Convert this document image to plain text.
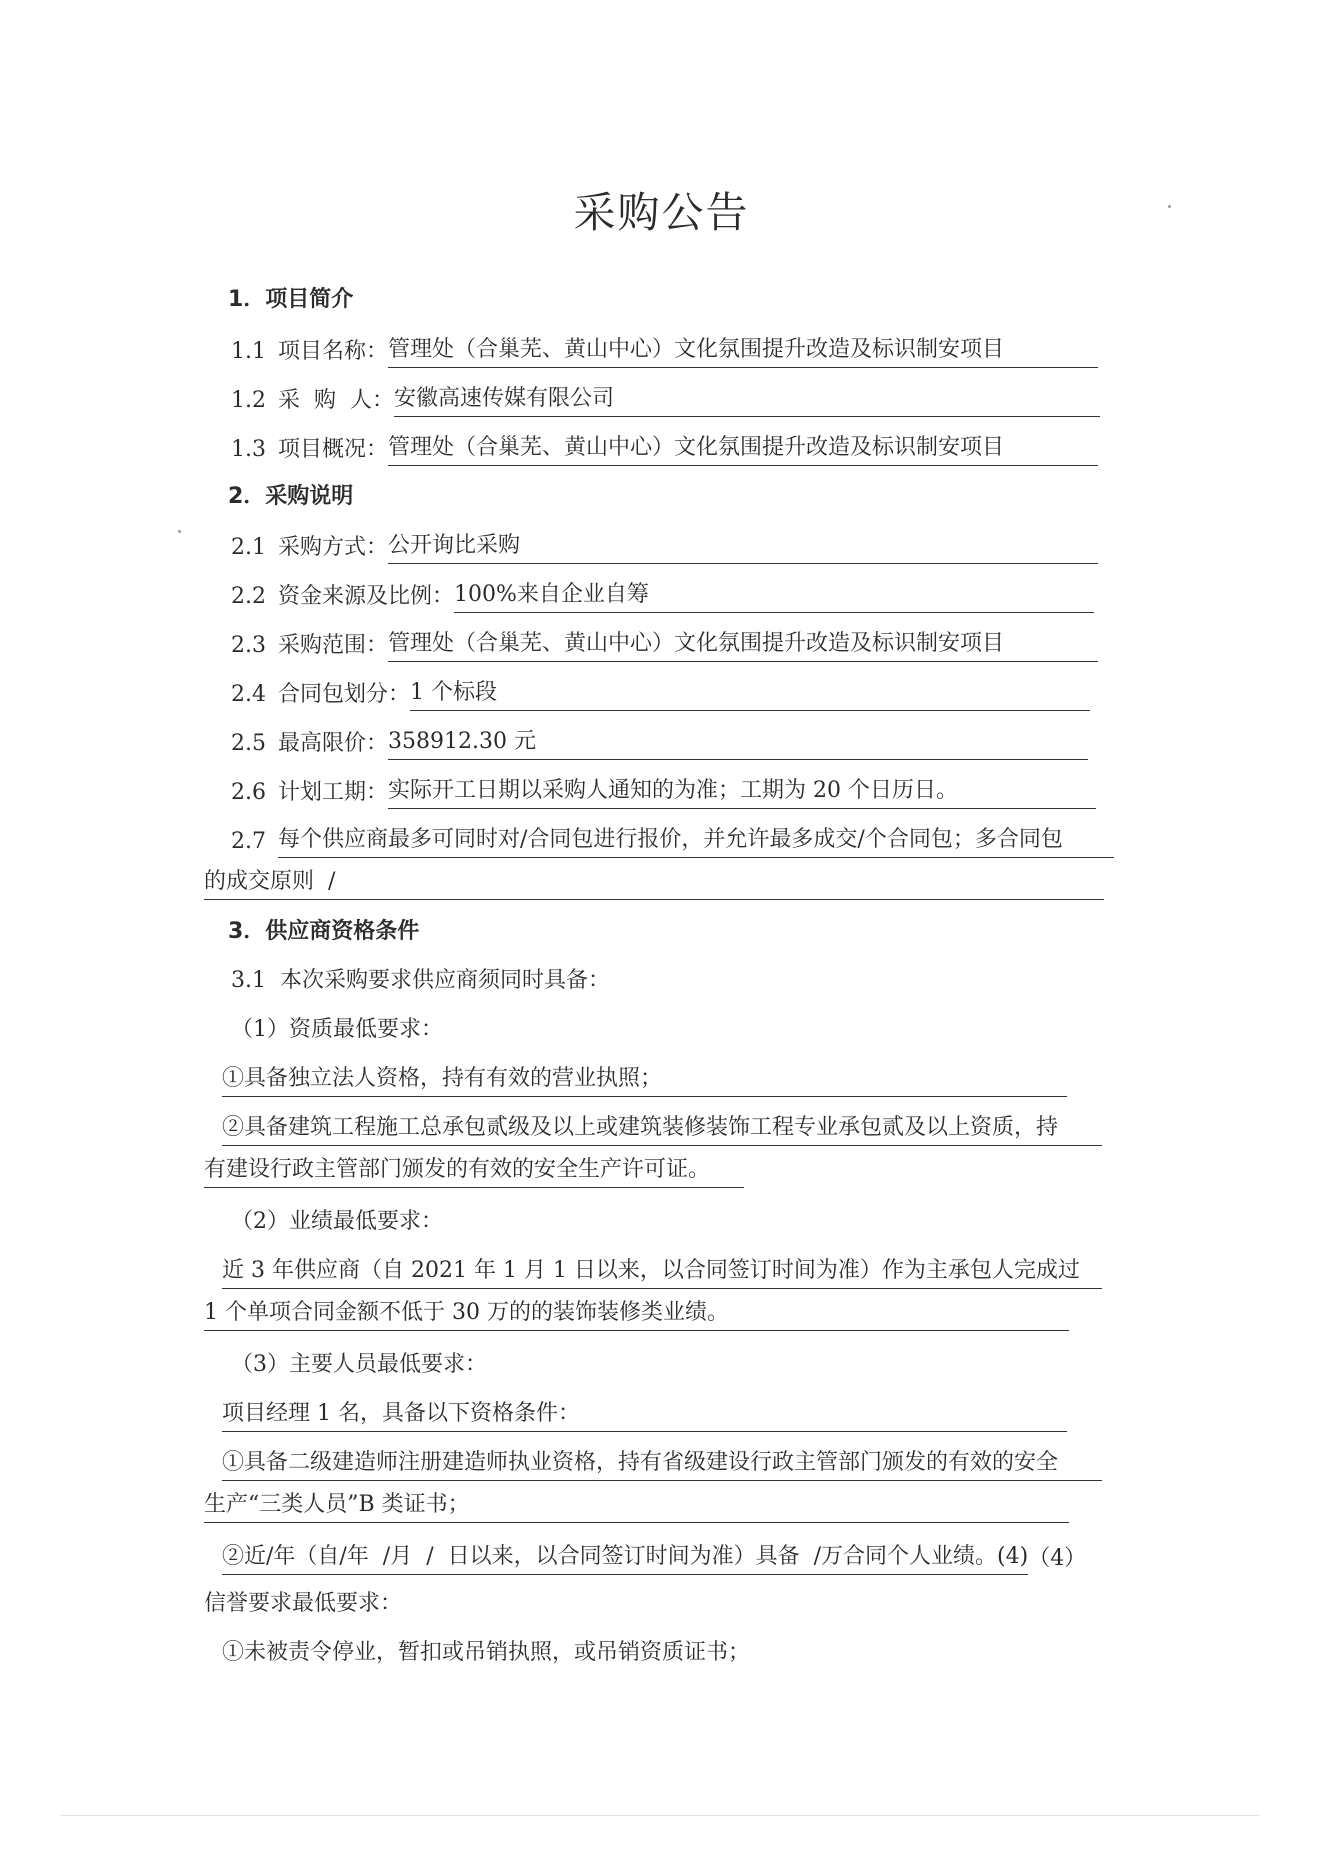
采购公告
1．项目简介
1.1 项目名称：管理处（合巢芜、黄山中心）文化氛围提升改造及标识制安项目
1.2 采  购  人：安徽高速传媒有限公司
1.3 项目概况：管理处（合巢芜、黄山中心）文化氛围提升改造及标识制安项目
2．采购说明
2.1 采购方式：公开询比采购
2.2 资金来源及比例：100%来自企业自筹
2.3 采购范围：管理处（合巢芜、黄山中心）文化氛围提升改造及标识制安项目
2.4 合同包划分：1 个标段
2.5 最高限价：358912.30 元
2.6 计划工期：实际开工日期以采购人通知的为准；工期为 20 个日历日。
2.7 每个供应商最多可同时对/合同包进行报价，并允许最多成交/个合同包；多合同包
的成交原则  /
3．供应商资格条件
3.1  本次采购要求供应商须同时具备：
（1）资质最低要求：
①具备独立法人资格，持有有效的营业执照；
②具备建筑工程施工总承包贰级及以上或建筑装修装饰工程专业承包贰及以上资质，持
有建设行政主管部门颁发的有效的安全生产许可证。
（2）业绩最低要求：
近 3 年供应商（自 2021 年 1 月 1 日以来，以合同签订时间为准）作为主承包人完成过
1 个单项合同金额不低于 30 万的的装饰装修类业绩。
（3）主要人员最低要求：
项目经理 1 名，具备以下资格条件：
①具备二级建造师注册建造师执业资格，持有省级建设行政主管部门颁发的有效的安全
生产“三类人员”B 类证书；
②近/年（自/年  /月  /  日以来，以合同签订时间为准）具备  /万合同个人业绩。(4)（4）
信誉要求最低要求：
①未被责令停业，暂扣或吊销执照，或吊销资质证书；
